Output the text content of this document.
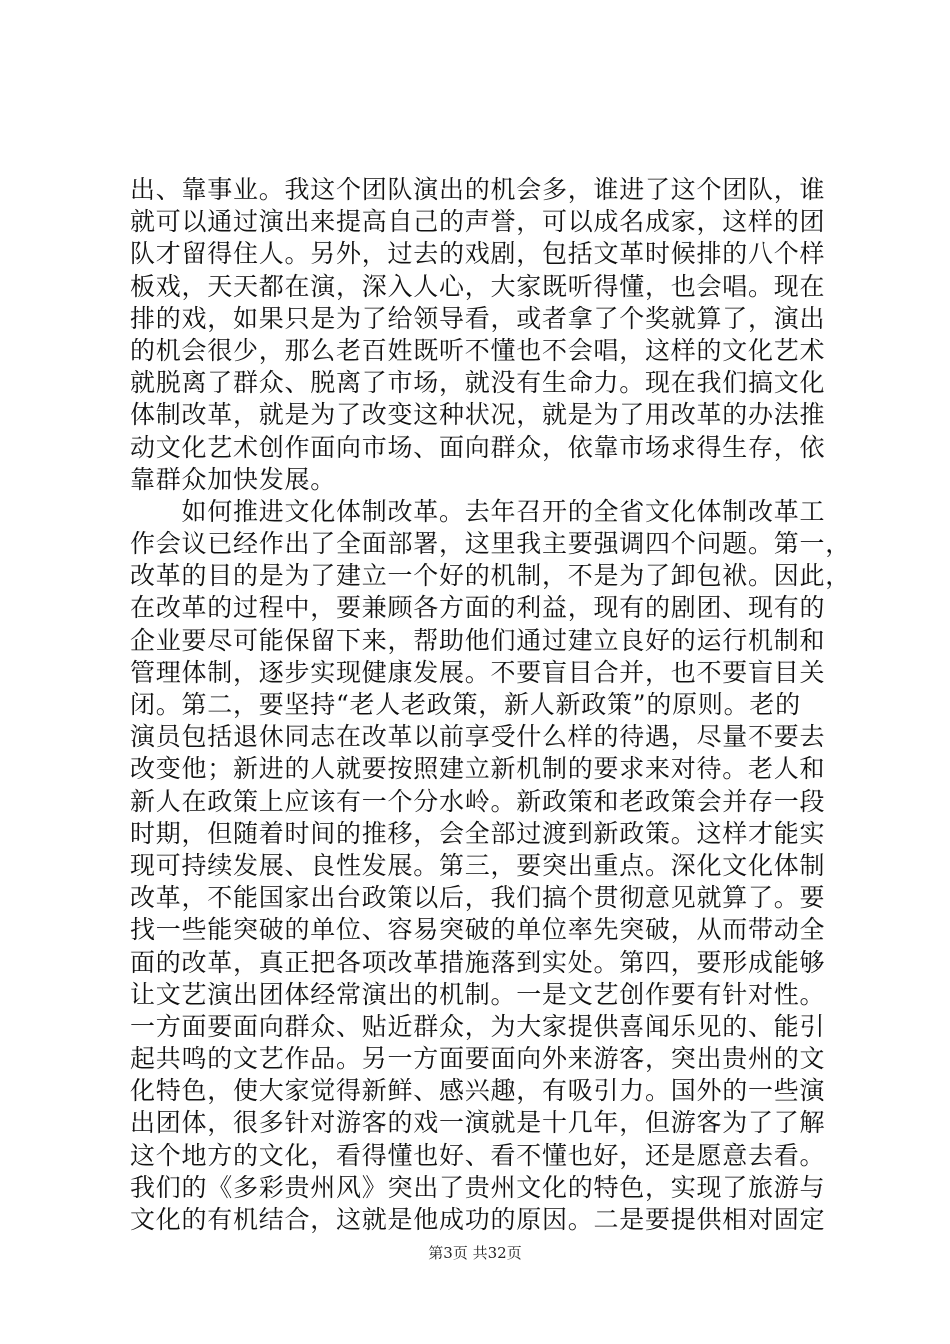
出、靠事业。我这个团队演出的机会多，谁进了这个团队，谁
就可以通过演出来提高自己的声誉，可以成名成家，这样的团
队才留得住人。另外，过去的戏剧，包括文革时候排的八个样
板戏，天天都在演，深入人心，大家既听得懂，也会唱。现在
排的戏，如果只是为了给领导看，或者拿了个奖就算了，演出
的机会很少，那么老百姓既听不懂也不会唱，这样的文化艺术
就脱离了群众、脱离了市场，就没有生命力。现在我们搞文化
体制改革，就是为了改变这种状况，就是为了用改革的办法推
动文化艺术创作面向市场、面向群众，依靠市场求得生存，依
靠群众加快发展。
　　如何推进文化体制改革。去年召开的全省文化体制改革工
作会议已经作出了全面部署，这里我主要强调四个问题。第一，
改革的目的是为了建立一个好的机制，不是为了卸包袱。因此，
在改革的过程中，要兼顾各方面的利益，现有的剧团、现有的
企业要尽可能保留下来，帮助他们通过建立良好的运行机制和
管理体制，逐步实现健康发展。不要盲目合并，也不要盲目关
闭。第二，要坚持“老人老政策，新人新政策”的原则。老的
演员包括退休同志在改革以前享受什么样的待遇，尽量不要去
改变他；新进的人就要按照建立新机制的要求来对待。老人和
新人在政策上应该有一个分水岭。新政策和老政策会并存一段
时期，但随着时间的推移，会全部过渡到新政策。这样才能实
现可持续发展、良性发展。第三，要突出重点。深化文化体制
改革，不能国家出台政策以后，我们搞个贯彻意见就算了。要
找一些能突破的单位、容易突破的单位率先突破，从而带动全
面的改革，真正把各项改革措施落到实处。第四，要形成能够
让文艺演出团体经常演出的机制。一是文艺创作要有针对性。
一方面要面向群众、贴近群众，为大家提供喜闻乐见的、能引
起共鸣的文艺作品。另一方面要面向外来游客，突出贵州的文
化特色，使大家觉得新鲜、感兴趣，有吸引力。国外的一些演
出团体，很多针对游客的戏一演就是十几年，但游客为了了解
这个地方的文化，看得懂也好、看不懂也好，还是愿意去看。
我们的《多彩贵州风》突出了贵州文化的特色，实现了旅游与
文化的有机结合，这就是他成功的原因。二是要提供相对固定
第3页 共32页
